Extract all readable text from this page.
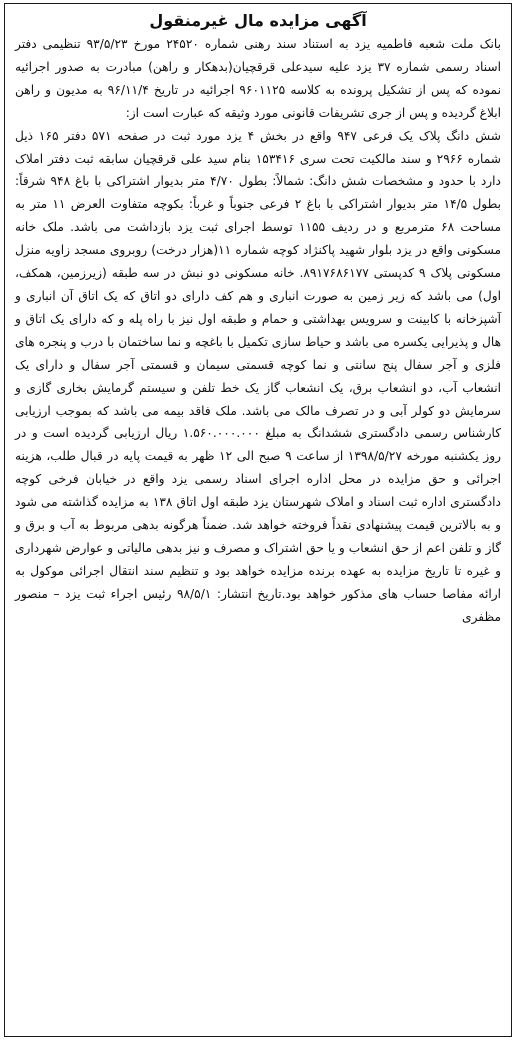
آگهی مزایده مال غیرمنقول
بانک ملت شعبه فاطمیه یزد به استناد سند رهنی شماره ۲۴۵۲۰ مورخ ۹۳/۵/۲۳ تنظیمی دفتر اسناد رسمی شماره ۳۷ یزد علیه سیدعلی قرقچیان(بدهکار و راهن) مبادرت به صدور اجرائیه نموده که پس از تشکیل پرونده به کلاسه ۹۶۰۱۱۲۵ اجرائیه در تاریخ ۹۶/۱۱/۴ به مدیون و راهن ابلاغ گردیده و پس از جری تشریفات قانونی مورد وثیقه که عبارت است از:
شش دانگ پلاک یک فرعی ۹۴۷ واقع در بخش ۴ یزد مورد ثبت در صفحه ۵۷۱ دفتر ۱۶۵ ذیل شماره ۲۹۶۶ و سند مالکیت تحت سری ۱۵۳۴۱۶ بنام سید علی قرقچیان سابقه ثبت دفتر املاک دارد با حدود و مشخصات شش دانگ: شمالاً: بطول ۴/۷۰ متر بدیوار اشتراکی با باغ ۹۴۸ شرقاً: بطول ۱۴/۵ متر بدیوار اشتراکی با باغ ۲ فرعی جنوباً و غرباً: بکوچه متفاوت العرض ۱۱ متر به مساحت ۶۸ مترمربع و در ردیف ۱۱۵۵ توسط اجرای ثبت یزد بازداشت می باشد. ملک خانه مسکونی واقع در یزد بلوار شهید پاکنژاد کوچه شماره ۱۱(هزار درخت) روبروی مسجد زاویه منزل مسکونی پلاک ۹ کدپستی ۸۹۱۷۶۸۶۱۷۷. خانه مسکونی دو نبش در سه طبقه (زیرزمین، همکف، اول) می باشد که زیر زمین به صورت انباری و هم کف دارای دو اتاق که یک اتاق آن انباری و آشپزخانه با کابینت و سرویس بهداشتی و حمام و طبقه اول نیز با راه پله و که دارای یک اتاق و هال و پذیرایی یکسره می باشد و حیاط سازی تکمیل با باغچه و نما ساختمان با درب و پنجره های فلزی و آجر سفال پنج سانتی و نما کوچه قسمتی سیمان و قسمتی آجر سفال و دارای یک انشعاب آب، دو انشعاب برق، یک انشعاب گاز یک خط تلفن و سیستم گرمایش بخاری گازی و سرمایش دو کولر آبی و در تصرف مالک می باشد. ملک فاقد بیمه می باشد که بموجب ارزیابی کارشناس رسمی دادگستری ششدانگ به مبلغ ۱.۵۶۰.۰۰۰.۰۰۰ ریال ارزیابی گردیده است و در روز یکشنبه مورخه ۱۳۹۸/۵/۲۷ از ساعت ۹ صبح الی ۱۲ ظهر به قیمت پایه در قبال طلب، هزینه اجرائی و حق مزایده در محل اداره اجرای اسناد رسمی یزد واقع در خیابان فرخی کوچه دادگستری اداره ثبت اسناد و املاک شهرستان یزد طبقه اول اتاق ۱۳۸ به مزایده گذاشته می شود و به بالاترین قیمت پیشنهادی نقداً فروخته خواهد شد. ضمناً هرگونه بدهی مربوط به آب و برق و گاز و تلفن اعم از حق انشعاب و یا حق اشتراک و مصرف و نیز بدهی مالیاتی و عوارض شهرداری و غیره تا تاریخ مزایده به عهده برنده مزایده خواهد بود و تنظیم سند انتقال اجرائی موکول به ارائه مفاصا حساب های مذکور خواهد بود.تاریخ انتشار: ۹۸/۵/۱ رئیس اجراء ثبت یزد – منصور مظفری
